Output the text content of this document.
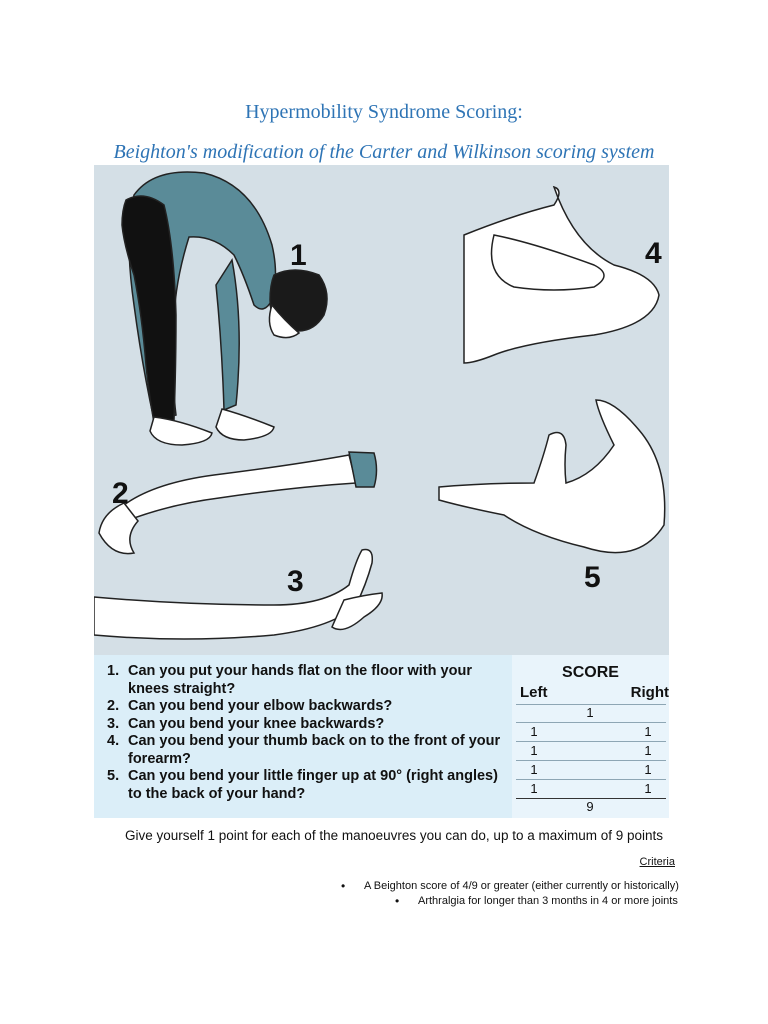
Hypermobility Syndrome Scoring:
Beighton's modification of the Carter and Wilkinson scoring system
1
2
3
4
5
1. Can you put your hands flat on the floor with your knees straight?
2. Can you bend your elbow backwards?
3. Can you bend your knee backwards?
4. Can you bend your thumb back on to the front of your forearm?
5. Can you bend your little finger up at 90° (right angles) to the back of your hand?
SCORE
Left	Right
1
1	1
1	1
1	1
1	1
9
Give yourself 1 point for each of the manoeuvres you can do, up to a maximum of 9 points
Criteria
• A Beighton score of 4/9 or greater (either currently or historically)
• Arthralgia for longer than 3 months in 4 or more joints
